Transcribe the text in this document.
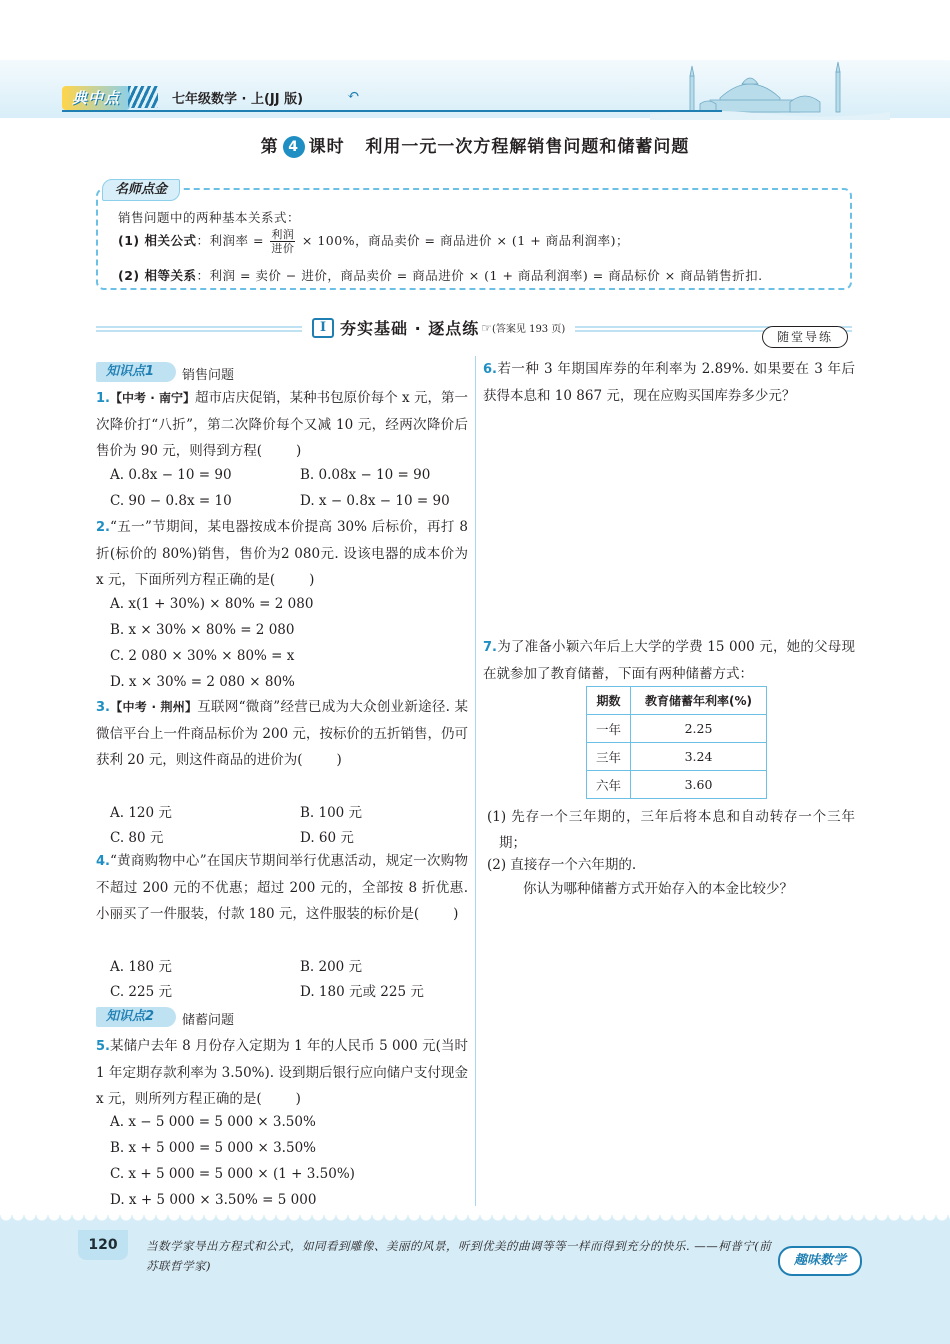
典中点	七年级数学 · 上(JJ 版)	↶
第 4 课时 利用一元一次方程解销售问题和储蓄问题
名师点金
销售问题中的两种基本关系式：
(1) 相关公式：利润率 = $\frac{\text{利润}}{\text{进价}} \times 100\%$，商品卖价 = 商品进价 × (1 + 商品利润率)；
(2) 相等关系：利润 = 卖价 − 进价，商品卖价 = 商品进价 × (1 + 商品利润率) = 商品标价 × 商品销售折扣.
I 夯实基础 · 逐点练 ☞(答案见 193 页)
随堂导练
知识点1	销售问题
1.【中考 · 南宁】超市店庆促销，某种书包原价每个 x 元，第一次降价打“八折”，第二次降价每个又减 10 元，经两次降价后售价为 90 元，则得到方程(	)
A. 0.8x − 10 = 90	B. 0.08x − 10 = 90
C. 90 − 0.8x = 10	D. x − 0.8x − 10 = 90
2.“五一”节期间，某电器按成本价提高 30% 后标价，再打 8 折(标价的 80%)销售，售价为2 080元. 设该电器的成本价为 x 元，下面所列方程正确的是(	)
A. x(1 + 30%) × 80% = 2 080
B. x × 30% × 80% = 2 080
C. 2 080 × 30% × 80% = x
D. x × 30% = 2 080 × 80%
3.【中考 · 荆州】互联网“微商”经营已成为大众创业新途径. 某微信平台上一件商品标价为 200 元，按标价的五折销售，仍可获利 20 元，则这件商品的进价为(	)
A. 120 元	B. 100 元
C. 80 元	D. 60 元
4.“黄商购物中心”在国庆节期间举行优惠活动，规定一次购物不超过 200 元的不优惠；超过 200 元的，全部按 8 折优惠. 小丽买了一件服装，付款 180 元，这件服装的标价是(	)
A. 180 元	B. 200 元
C. 225 元	D. 180 元或 225 元
知识点2	储蓄问题
5.某储户去年 8 月份存入定期为 1 年的人民币 5 000 元(当时 1 年定期存款利率为 3.50%). 设到期后银行应向储户支付现金 x 元，则所列方程正确的是(	)
A. x − 5 000 = 5 000 × 3.50%
B. x + 5 000 = 5 000 × 3.50%
C. x + 5 000 = 5 000 × (1 + 3.50%)
D. x + 5 000 × 3.50% = 5 000
6.若一种 3 年期国库券的年利率为 2.89%. 如果要在 3 年后获得本息和 10 867 元，现在应购买国库券多少元？
7.为了准备小颖六年后上大学的学费 15 000 元，她的父母现在就参加了教育储蓄，下面有两种储蓄方式：
期数	教育储蓄年利率(%)
一年	2.25
三年	3.24
六年	3.60
(1) 先存一个三年期的，三年后将本息和自动转存一个三年期；
(2) 直接存一个六年期的.
你认为哪种储蓄方式开始存入的本金比较少？
120	当数学家导出方程式和公式，如同看到雕像、美丽的风景，听到优美的曲调等等一样而得到充分的快乐. ——柯普宁(前苏联哲学家)	趣味数学
